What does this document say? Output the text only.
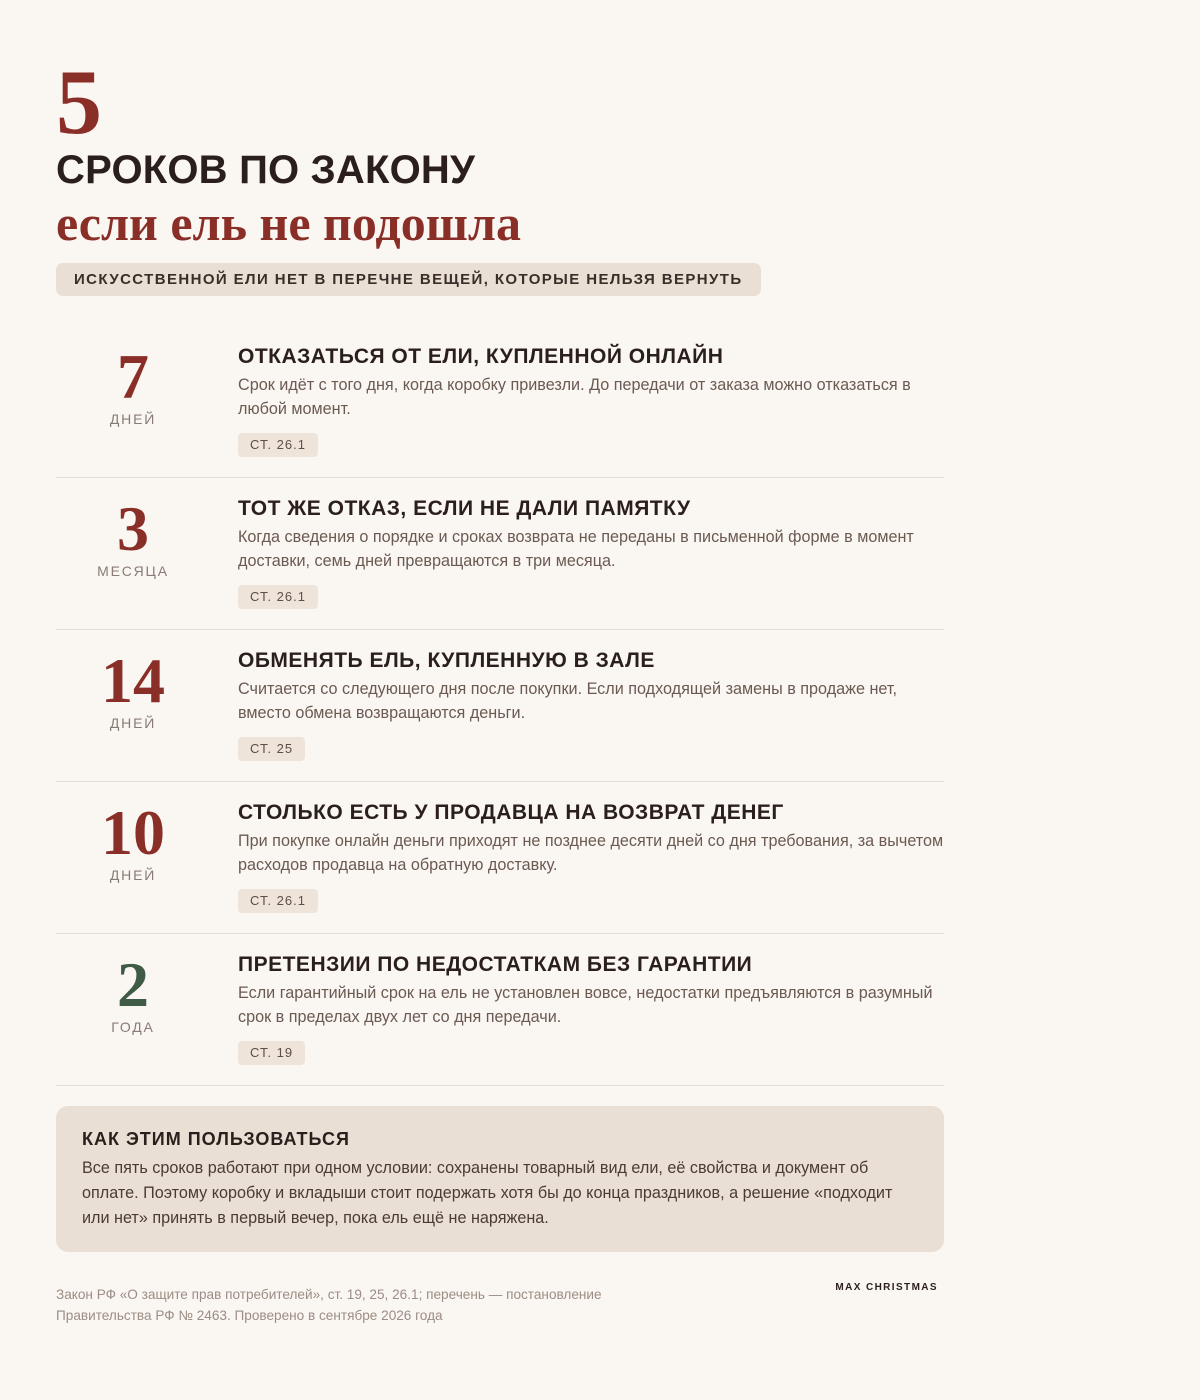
5
СРОКОВ ПО ЗАКОНУ
если ель не подошла
ИСКУССТВЕННОЙ ЕЛИ НЕТ В ПЕРЕЧНЕ ВЕЩЕЙ, КОТОРЫЕ НЕЛЬЗЯ ВЕРНУТЬ
7
ДНЕЙ
ОТКАЗАТЬСЯ ОТ ЕЛИ, КУПЛЕННОЙ ОНЛАЙН

Срок идёт с того дня, когда коробку привезли. До передачи от заказа можно отказаться в любой момент.

СТ. 26.1
3
МЕСЯЦА
ТОТ ЖЕ ОТКАЗ, ЕСЛИ НЕ ДАЛИ ПАМЯТКУ

Когда сведения о порядке и сроках возврата не переданы в письменной форме в момент доставки, семь дней превращаются в три месяца.

СТ. 26.1
14
ДНЕЙ
ОБМЕНЯТЬ ЕЛЬ, КУПЛЕННУЮ В ЗАЛЕ

Считается со следующего дня после покупки. Если подходящей замены в продаже нет, вместо обмена возвращаются деньги.

СТ. 25
10
ДНЕЙ
СТОЛЬКО ЕСТЬ У ПРОДАВЦА НА ВОЗВРАТ ДЕНЕГ

При покупке онлайн деньги приходят не позднее десяти дней со дня требования, за вычетом расходов продавца на обратную доставку.

СТ. 26.1
2
ГОДА
ПРЕТЕНЗИИ ПО НЕДОСТАТКАМ БЕЗ ГАРАНТИИ

Если гарантийный срок на ель не установлен вовсе, недостатки предъявляются в разумный срок в пределах двух лет со дня передачи.

СТ. 19
КАК ЭТИМ ПОЛЬЗОВАТЬСЯ

Все пять сроков работают при одном условии: сохранены товарный вид ели, её свойства и документ об оплате. Поэтому коробку и вкладыши стоит подержать хотя бы до конца праздников, а решение «подходит или нет» принять в первый вечер, пока ель ещё не наряжена.

Закон РФ «О защите прав потребителей», ст. 19, 25, 26.1; перечень — постановление Правительства РФ № 2463. Проверено в сентябре 2026 года
MAX CHRISTMAS
